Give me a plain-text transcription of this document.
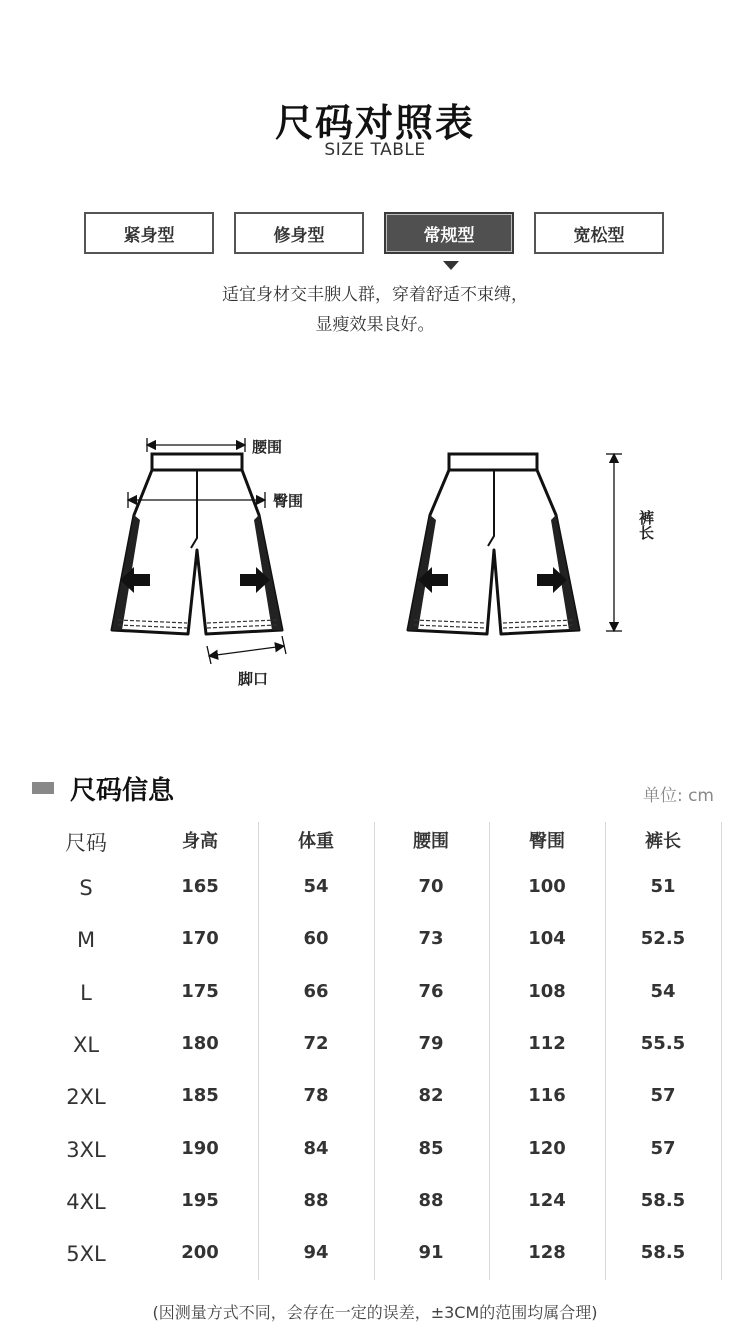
尺码对照表
SIZE TABLE
紧身型	修身型	常规型	宽松型
适宜身材交丰腴人群，穿着舒适不束缚，
显瘦效果良好。
腰围
臀围
脚口
裤长
尺码信息	单位: cm
尺码	身高	体重	腰围	臀围	裤长
S	165	54	70	100	51
M	170	60	73	104	52.5
L	175	66	76	108	54
XL	180	72	79	112	55.5
2XL	185	78	82	116	57
3XL	190	84	85	120	57
4XL	195	88	88	124	58.5
5XL	200	94	91	128	58.5
(因测量方式不同，会存在一定的误差，±3CM的范围均属合理)
